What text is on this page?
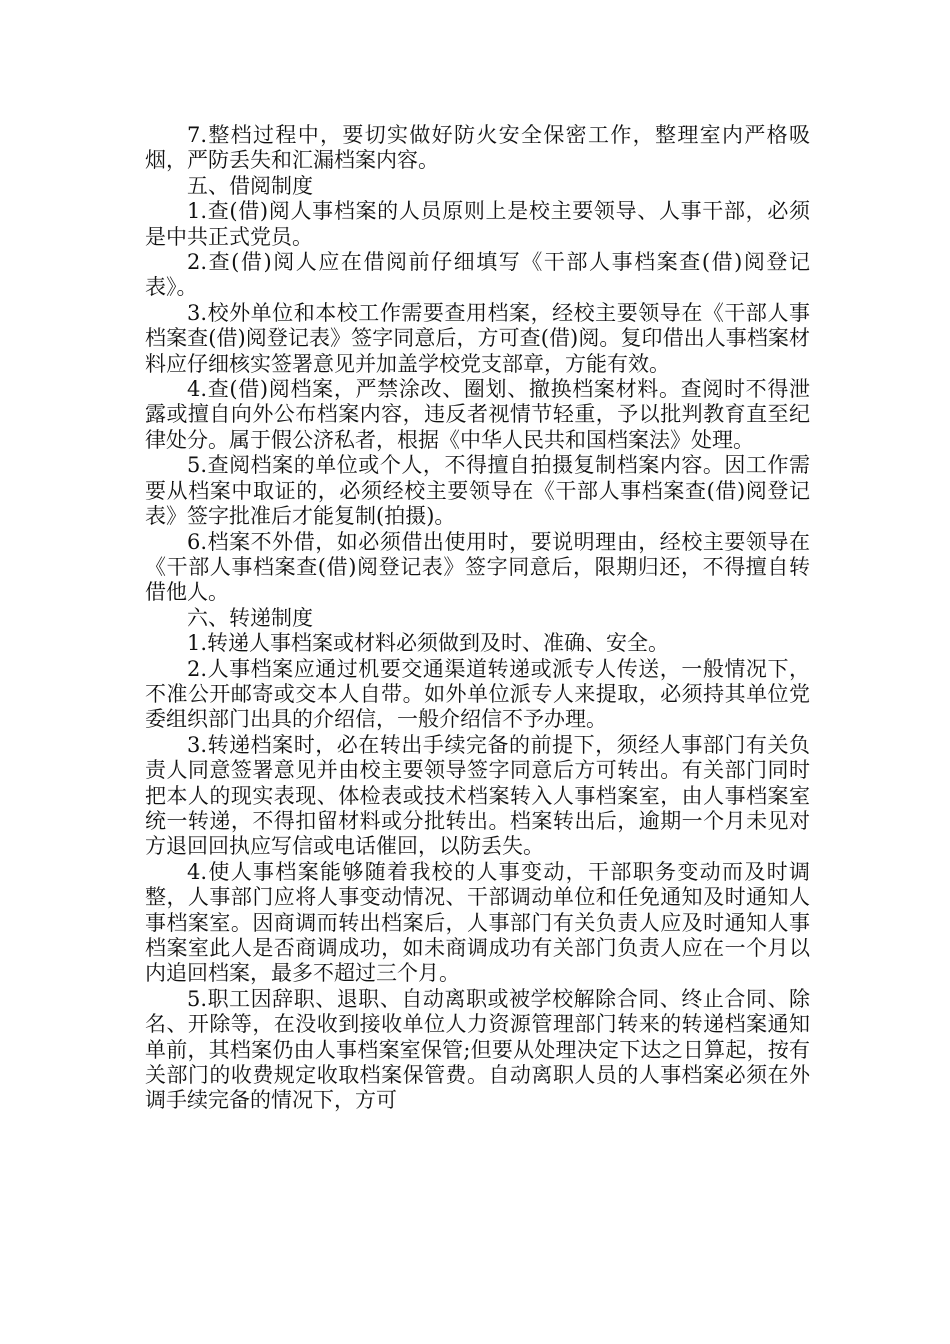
7.整档过程中，要切实做好防火安全保密工作，整理室内严格吸烟，严防丢失和汇漏档案内容。

五、借阅制度

1.查(借)阅人事档案的人员原则上是校主要领导、人事干部，必须是中共正式党员。

2.查(借)阅人应在借阅前仔细填写《干部人事档案查(借)阅登记表》。

3.校外单位和本校工作需要查用档案，经校主要领导在《干部人事档案查(借)阅登记表》签字同意后，方可查(借)阅。复印借出人事档案材料应仔细核实签署意见并加盖学校党支部章，方能有效。

4.查(借)阅档案，严禁涂改、圈划、撤换档案材料。查阅时不得泄露或擅自向外公布档案内容，违反者视情节轻重，予以批判教育直至纪律处分。属于假公济私者，根据《中华人民共和国档案法》处理。

5.查阅档案的单位或个人，不得擅自拍摄复制档案内容。因工作需要从档案中取证的，必须经校主要领导在《干部人事档案查(借)阅登记表》签字批准后才能复制(拍摄)。

6.档案不外借，如必须借出使用时，要说明理由，经校主要领导在《干部人事档案查(借)阅登记表》签字同意后，限期归还，不得擅自转借他人。

六、转递制度

1.转递人事档案或材料必须做到及时、准确、安全。

2.人事档案应通过机要交通渠道转递或派专人传送，一般情况下，不准公开邮寄或交本人自带。如外单位派专人来提取，必须持其单位党委组织部门出具的介绍信，一般介绍信不予办理。

3.转递档案时，必在转出手续完备的前提下，须经人事部门有关负责人同意签署意见并由校主要领导签字同意后方可转出。有关部门同时把本人的现实表现、体检表或技术档案转入人事档案室，由人事档案室统一转递，不得扣留材料或分批转出。档案转出后，逾期一个月未见对方退回回执应写信或电话催回，以防丢失。

4.使人事档案能够随着我校的人事变动，干部职务变动而及时调整，人事部门应将人事变动情况、干部调动单位和任免通知及时通知人事档案室。因商调而转出档案后，人事部门有关负责人应及时通知人事档案室此人是否商调成功，如未商调成功有关部门负责人应在一个月以内追回档案，最多不超过三个月。

5.职工因辞职、退职、自动离职或被学校解除合同、终止合同、除名、开除等，在没收到接收单位人力资源管理部门转来的转递档案通知单前，其档案仍由人事档案室保管;但要从处理决定下达之日算起，按有关部门的收费规定收取档案保管费。自动离职人员的人事档案必须在外调手续完备的情况下，方可
